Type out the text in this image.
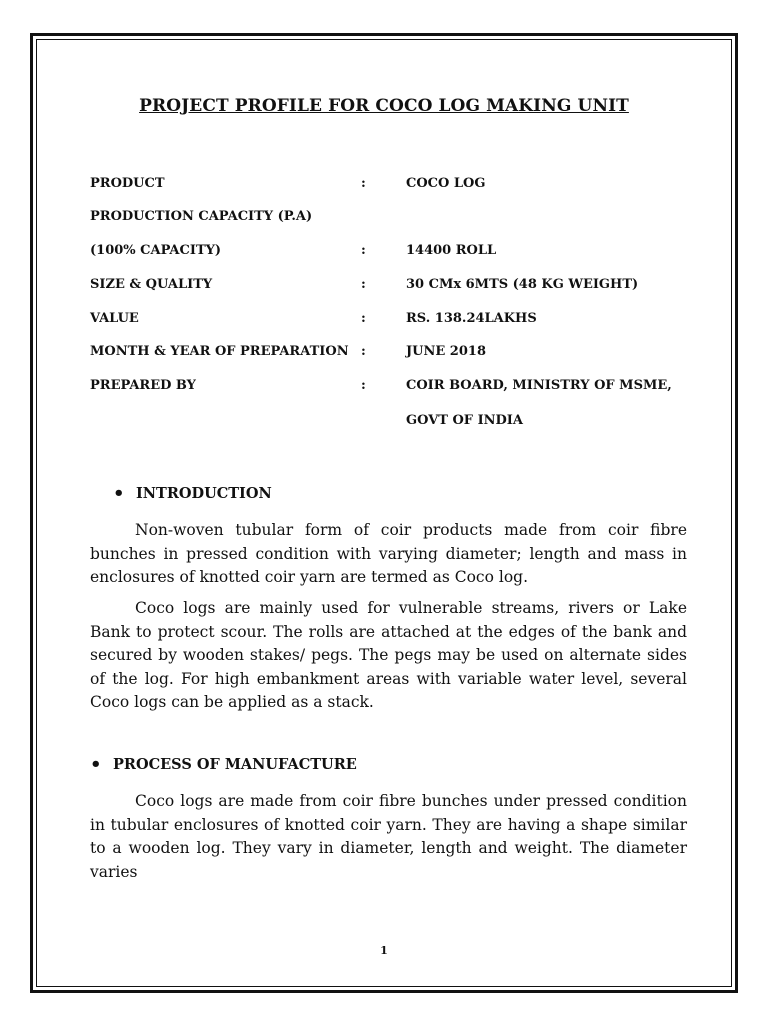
PROJECT PROFILE FOR COCO LOG MAKING UNIT
PRODUCT	:	COCO LOG
PRODUCTION CAPACITY (P.A)
(100% CAPACITY)	:	14400 ROLL
SIZE & QUALITY	:	30 CMx 6MTS (48 KG WEIGHT)
VALUE	:	RS. 138.24LAKHS
MONTH & YEAR OF PREPARATION :	JUNE 2018
PREPARED BY	:	COIR BOARD, MINISTRY OF MSME,
GOVT OF INDIA
• INTRODUCTION

Non-woven tubular form of coir products made from coir fibre bunches in pressed condition with varying diameter; length and mass in enclosures of knotted coir yarn are termed as Coco log.

Coco logs are mainly used for vulnerable streams, rivers or Lake Bank to protect scour. The rolls are attached at the edges of the bank and secured by wooden stakes/ pegs. The pegs may be used on alternate sides of the log. For high embankment areas with variable water level, several Coco logs can be applied as a stack.

• PROCESS OF MANUFACTURE

Coco logs are made from coir fibre bunches under pressed condition in tubular enclosures of knotted coir yarn. They are having a shape similar to a wooden log. They vary in diameter, length and weight. The diameter varies

1
